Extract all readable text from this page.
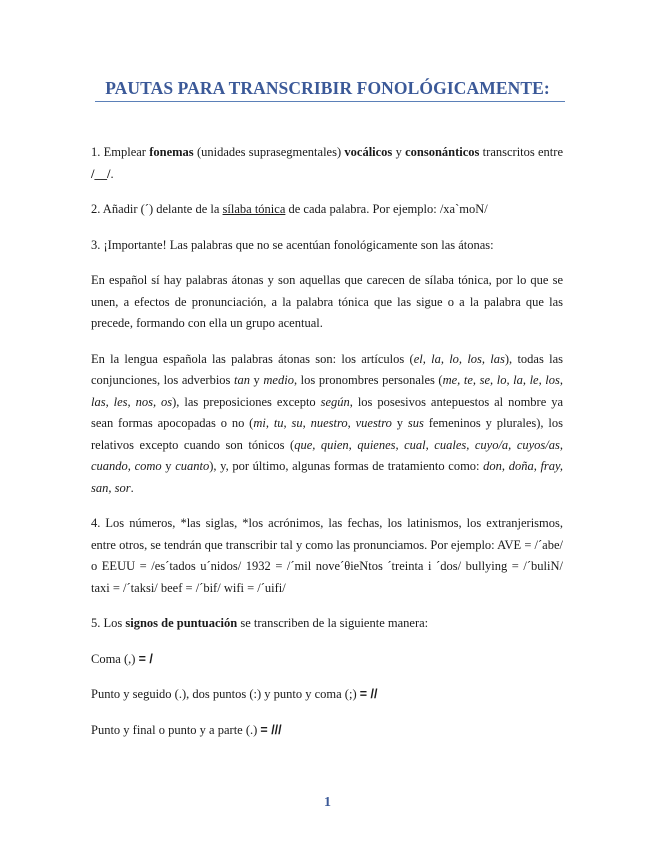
PAUTAS PARA TRANSCRIBIR FONOLÓGICAMENTE:

1. Emplear fonemas (unidades suprasegmentales) vocálicos y consonánticos transcritos entre /__/.

2. Añadir (´) delante de la sílaba tónica de cada palabra. Por ejemplo: /xa`moN/

3. ¡Importante! Las palabras que no se acentúan fonológicamente son las átonas:

En español sí hay palabras átonas y son aquellas que carecen de sílaba tónica, por lo que se unen, a efectos de pronunciación, a la palabra tónica que las sigue o a la palabra que las precede, formando con ella un grupo acentual.

En la lengua española las palabras átonas son: los artículos (el, la, lo, los, las), todas las conjunciones, los adverbios tan y medio, los pronombres personales (me, te, se, lo, la, le, los, las, les, nos, os), las preposiciones excepto según, los posesivos antepuestos al nombre ya sean formas apocopadas o no (mi, tu, su, nuestro, vuestro y sus femeninos y plurales), los relativos excepto cuando son tónicos (que, quien, quienes, cual, cuales, cuyo/a, cuyos/as, cuando, como y cuanto), y, por último, algunas formas de tratamiento como: don, doña, fray, san, sor.

4. Los números, *las siglas, *los acrónimos, las fechas, los latinismos, los extranjerismos, entre otros, se tendrán que transcribir tal y como las pronunciamos. Por ejemplo: AVE = /´abe/ o EEUU = /es´tados u´nidos/ 1932 = /´mil nove´θieNtos ´treinta i ´dos/ bullying = /´buliN/ taxi = /´taksi/ beef = /´bif/ wifi = /´uifi/

5. Los signos de puntuación se transcriben de la siguiente manera:

Coma (,) = /

Punto y seguido (.), dos puntos (:) y punto y coma (;) = //

Punto y final o punto y a parte (.) = ///

1
